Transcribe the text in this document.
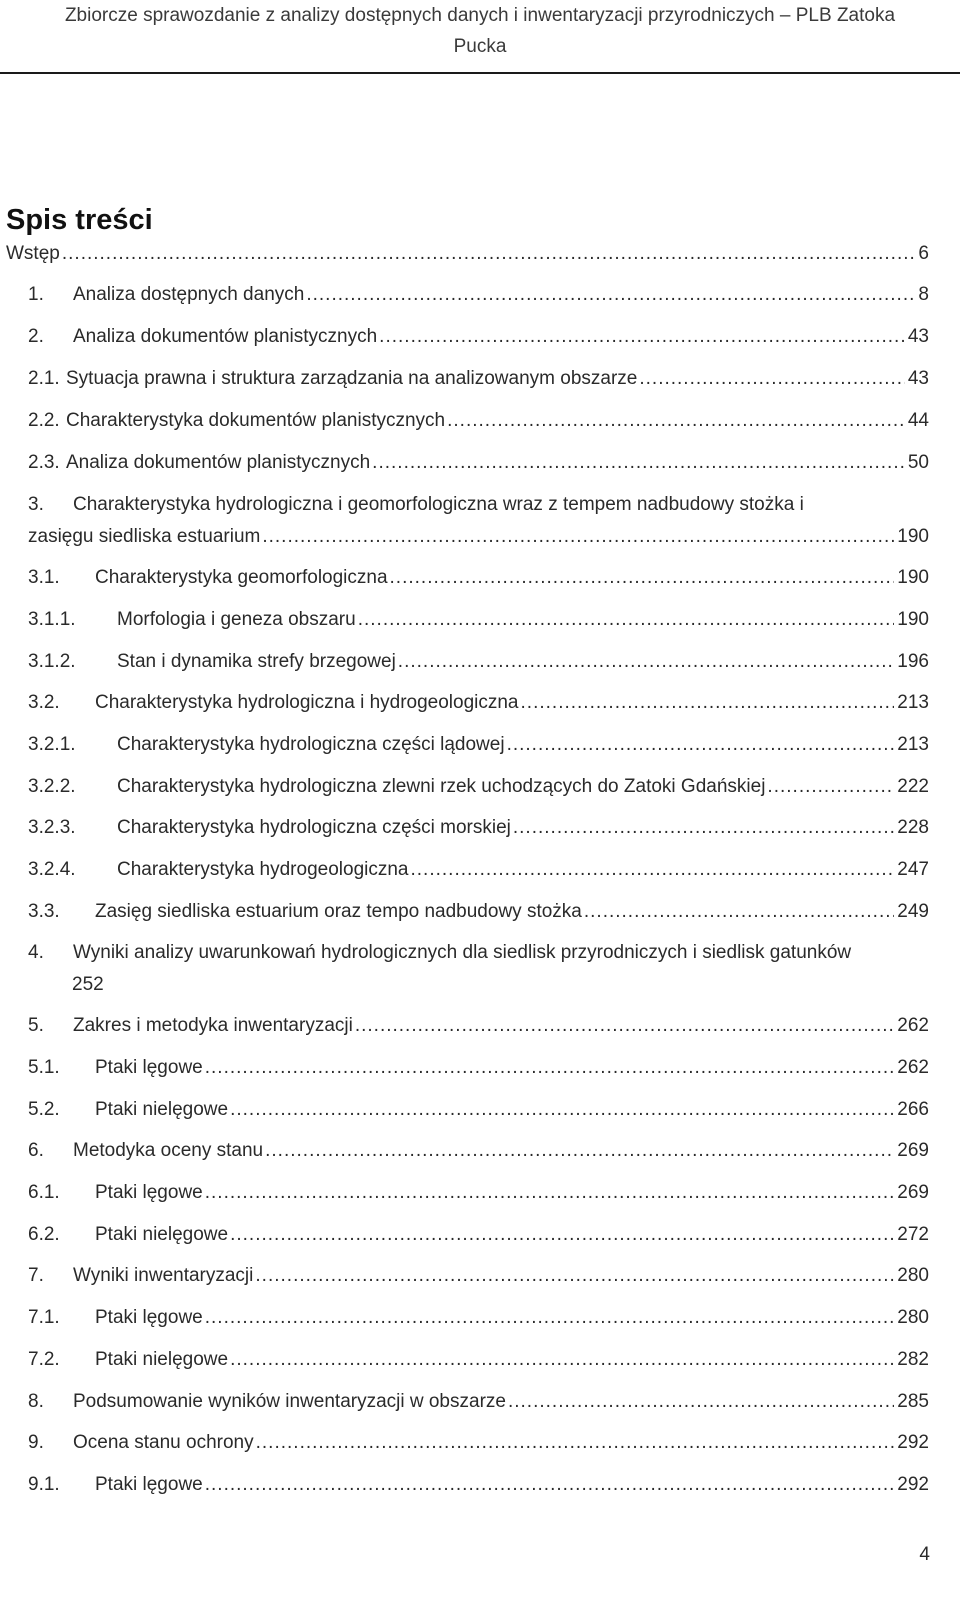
Zbiorcze sprawozdanie z analizy dostępnych danych i inwentaryzacji przyrodniczych – PLB Zatoka
Pucka
Spis treści
Wstęp .....	6
1.	Analiza dostępnych danych .....	8
2.	Analiza dokumentów planistycznych .....	43
2.1. Sytuacja prawna i struktura zarządzania na analizowanym obszarze .....	43
2.2. Charakterystyka dokumentów planistycznych .....	44
2.3. Analiza dokumentów planistycznych .....	50
3.	Charakterystyka hydrologiczna i geomorfologiczna wraz z tempem nadbudowy stożka i
zasięgu siedliska estuarium .....	190
3.1.	Charakterystyka geomorfologiczna .....	190
3.1.1.	Morfologia i geneza obszaru .....	190
3.1.2.	Stan i dynamika strefy brzegowej .....	196
3.2.	Charakterystyka hydrologiczna i hydrogeologiczna .....	213
3.2.1.	Charakterystyka hydrologiczna części lądowej .....	213
3.2.2.	Charakterystyka hydrologiczna zlewni rzek uchodzących do Zatoki Gdańskiej .....	222
3.2.3.	Charakterystyka hydrologiczna części morskiej .....	228
3.2.4.	Charakterystyka hydrogeologiczna .....	247
3.3.	Zasięg siedliska estuarium oraz tempo nadbudowy stożka .....	249
4.	Wyniki analizy uwarunkowań hydrologicznych dla siedlisk przyrodniczych i siedlisk gatunków
252
5.	Zakres i metodyka inwentaryzacji .....	262
5.1.	Ptaki lęgowe .....	262
5.2.	Ptaki nielęgowe .....	266
6.	Metodyka oceny stanu .....	269
6.1.	Ptaki lęgowe .....	269
6.2.	Ptaki nielęgowe .....	272
7.	Wyniki inwentaryzacji .....	280
7.1.	Ptaki lęgowe .....	280
7.2.	Ptaki nielęgowe .....	282
8.	Podsumowanie wyników inwentaryzacji w obszarze .....	285
9.	Ocena stanu ochrony .....	292
9.1.	Ptaki lęgowe .....	292
4
